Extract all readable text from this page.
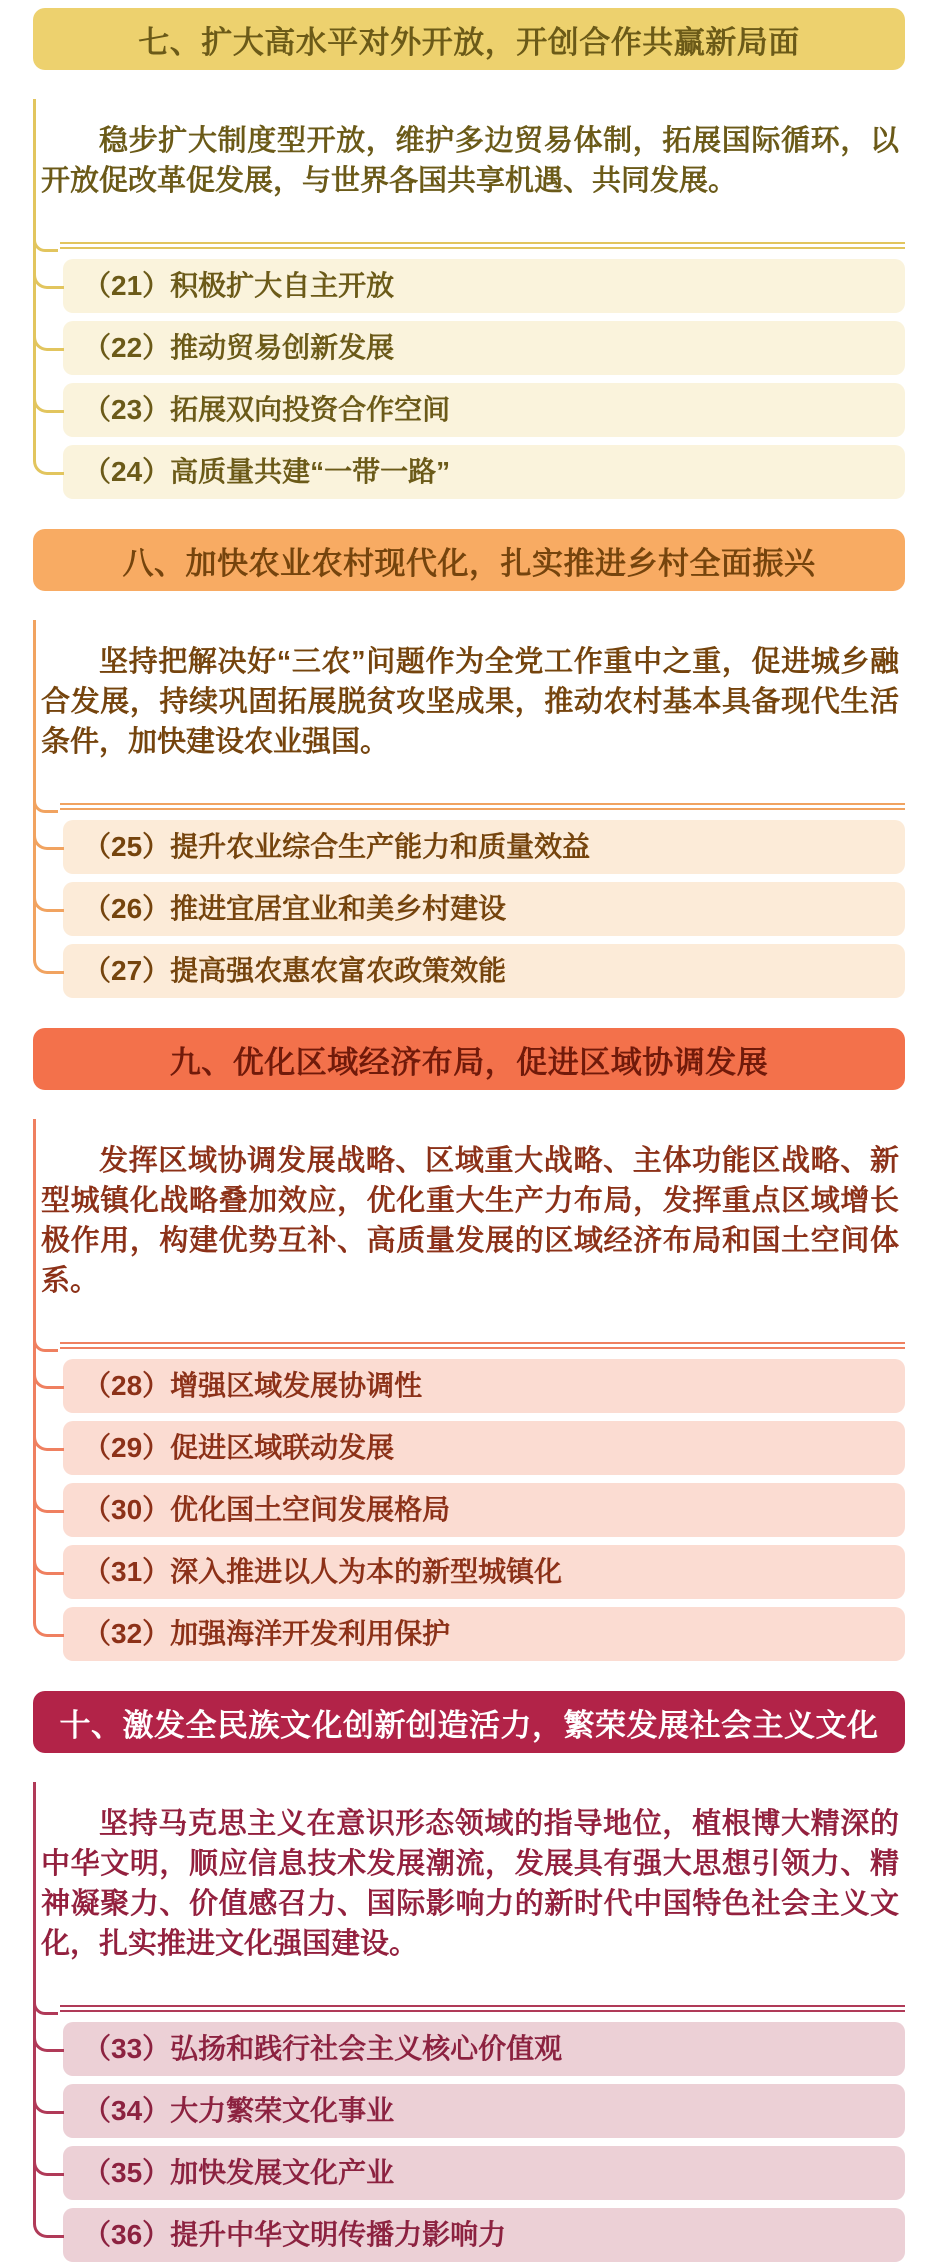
七、扩大高水平对外开放，开创合作共赢新局面

稳步扩大制度型开放，维护多边贸易体制，拓展国际循环，以开放促改革促发展，与世界各国共享机遇、共同发展。

（21）积极扩大自主开放
（22）推动贸易创新发展
（23）拓展双向投资合作空间
（24）高质量共建“一带一路”
八、加快农业农村现代化，扎实推进乡村全面振兴

坚持把解决好“三农”问题作为全党工作重中之重，促进城乡融合发展，持续巩固拓展脱贫攻坚成果，推动农村基本具备现代生活条件，加快建设农业强国。

（25）提升农业综合生产能力和质量效益
（26）推进宜居宜业和美乡村建设
（27）提高强农惠农富农政策效能
九、优化区域经济布局，促进区域协调发展

发挥区域协调发展战略、区域重大战略、主体功能区战略、新型城镇化战略叠加效应，优化重大生产力布局，发挥重点区域增长极作用，构建优势互补、高质量发展的区域经济布局和国土空间体系。

（28）增强区域发展协调性
（29）促进区域联动发展
（30）优化国土空间发展格局
（31）深入推进以人为本的新型城镇化
（32）加强海洋开发利用保护
十、激发全民族文化创新创造活力，繁荣发展社会主义文化

坚持马克思主义在意识形态领域的指导地位，植根博大精深的中华文明，顺应信息技术发展潮流，发展具有强大思想引领力、精神凝聚力、价值感召力、国际影响力的新时代中国特色社会主义文化，扎实推进文化强国建设。

（33）弘扬和践行社会主义核心价值观
（34）大力繁荣文化事业
（35）加快发展文化产业
（36）提升中华文明传播力影响力
